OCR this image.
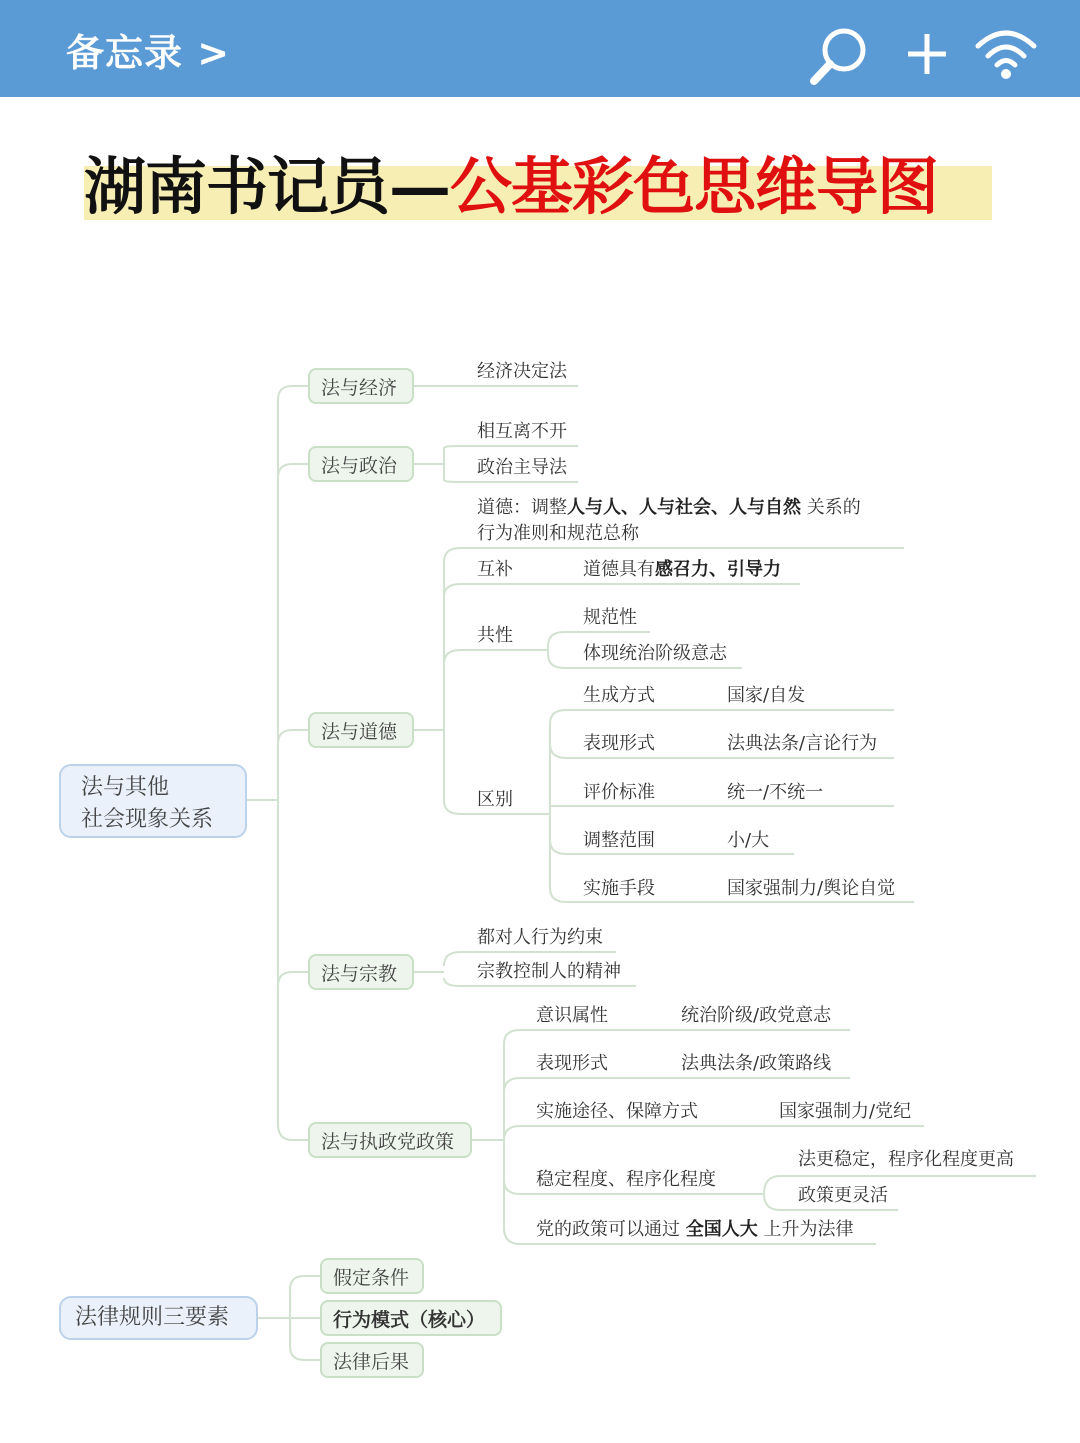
备忘录 >
湖南书记员—公基彩色思维导图
法与其他
社会现象关系
法与经济
法与政治
法与道德
法与宗教
法与执政党政策
经济决定法
相互离不开
政治主导法
道德：调整人与人、人与社会、人与自然 关系的
行为准则和规范总称
互补	道德具有感召力、引导力
共性
规范性
体现统治阶级意志
区别
生成方式	国家/自发
表现形式	法典法条/言论行为
评价标准	统一/不统一
调整范围	小/大
实施手段	国家强制力/舆论自觉
都对人行为约束
宗教控制人的精神
意识属性	统治阶级/政党意志
表现形式	法典法条/政策路线
实施途径、保障方式	国家强制力/党纪
稳定程度、程序化程度
法更稳定，程序化程度更高
政策更灵活
党的政策可以通过 全国人大 上升为法律
法律规则三要素
假定条件
行为模式（核心）
法律后果
